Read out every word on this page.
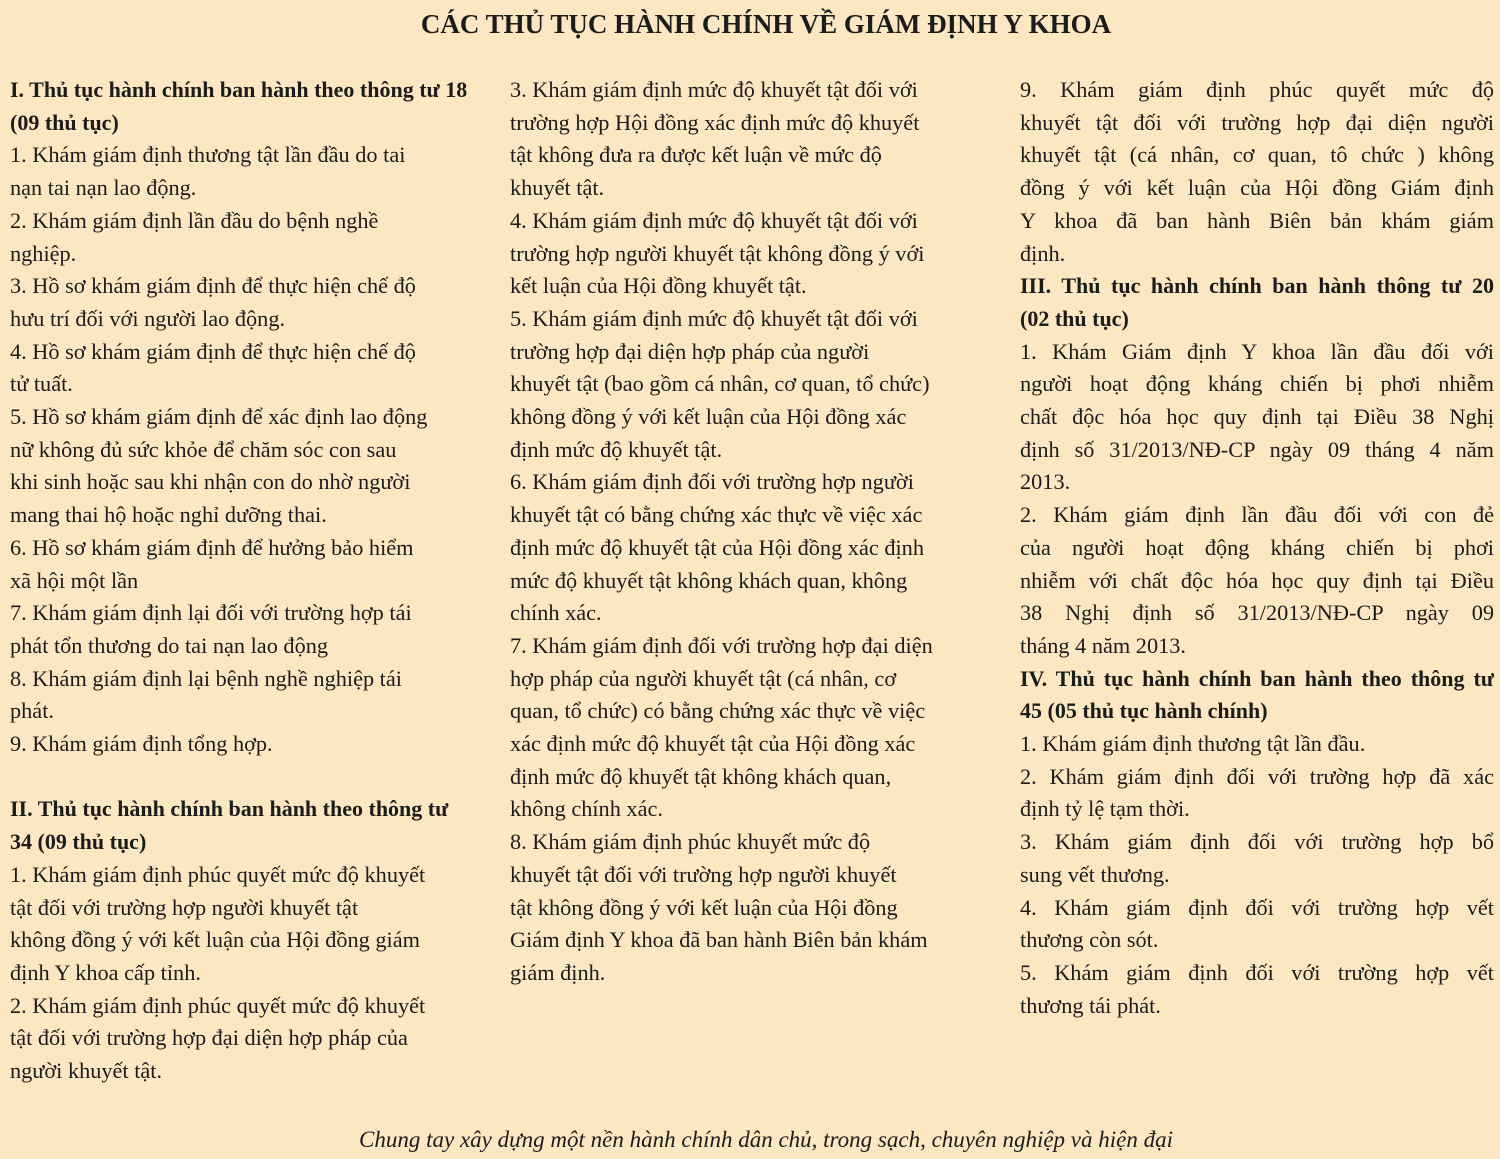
CÁC THỦ TỤC HÀNH CHÍNH VỀ GIÁM ĐỊNH Y KHOA
I. Thủ tục hành chính ban hành theo thông tư 18
(09 thủ tục)
1. Khám giám định thương tật lần đầu do tai
nạn tai nạn lao động.
2. Khám giám định lần đầu do bệnh nghề
nghiệp.
3. Hồ sơ khám giám định để thực hiện chế độ
hưu trí đối với người lao động.
4. Hồ sơ khám giám định để thực hiện chế độ
tử tuất.
5. Hồ sơ khám giám định để xác định lao động
nữ không đủ sức khỏe để chăm sóc con sau
khi sinh hoặc sau khi nhận con do nhờ người
mang thai hộ hoặc nghỉ dưỡng thai.
6. Hồ sơ khám giám định để hưởng bảo hiểm
xã hội một lần
7. Khám giám định lại đối với trường hợp tái
phát tổn thương do tai nạn lao động
8. Khám giám định lại bệnh nghề nghiệp tái
phát.
9. Khám giám định tổng hợp.
II. Thủ tục hành chính ban hành theo thông tư
34 (09 thủ tục)
1. Khám giám định phúc quyết mức độ khuyết
tật đối với trường hợp người khuyết tật
không đồng ý với kết luận của Hội đồng giám
định Y khoa cấp tỉnh.
2. Khám giám định phúc quyết mức độ khuyết
tật đối với trường hợp đại diện hợp pháp của
người khuyết tật.
3. Khám giám định mức độ khuyết tật đối với
trường hợp Hội đồng xác định mức độ khuyết
tật không đưa ra được kết luận về mức độ
khuyết tật.
4. Khám giám định mức độ khuyết tật đối với
trường hợp người khuyết tật không đồng ý với
kết luận của Hội đồng khuyết tật.
5. Khám giám định mức độ khuyết tật đối với
trường hợp đại diện hợp pháp của người
khuyết tật (bao gồm cá nhân, cơ quan, tổ chức)
không đồng ý với kết luận của Hội đồng xác
định mức độ khuyết tật.
6. Khám giám định đối với trường hợp người
khuyết tật có bằng chứng xác thực về việc xác
định mức độ khuyết tật của Hội đồng xác định
mức độ khuyết tật không khách quan, không
chính xác.
7. Khám giám định đối với trường hợp đại diện
hợp pháp của người khuyết tật (cá nhân, cơ
quan, tổ chức) có bằng chứng xác thực về việc
xác định mức độ khuyết tật của Hội đồng xác
định mức độ khuyết tật không khách quan,
không chính xác.
8. Khám giám định phúc khuyết mức độ
khuyết tật đối với trường hợp người khuyết
tật không đồng ý với kết luận của Hội đồng
Giám định Y khoa đã ban hành Biên bản khám
giám định.
9. Khám giám định phúc quyết mức độ
khuyết tật đối với trường hợp đại diện người
khuyết tật (cá nhân, cơ quan, tô chức ) không
đồng ý với kết luận của Hội đồng Giám định
Y khoa đã ban hành Biên bản khám giám
định.
III. Thủ tục hành chính ban hành thông tư 20
(02 thủ tục)
1. Khám Giám định Y khoa lần đầu đối với
người hoạt động kháng chiến bị phơi nhiễm
chất độc hóa học quy định tại Điều 38 Nghị
định số 31/2013/NĐ-CP ngày 09 tháng 4 năm
2013.
2. Khám giám định lần đầu đối với con đẻ
của người hoạt động kháng chiến bị phơi
nhiễm với chất độc hóa học quy định tại Điều
38 Nghị định số 31/2013/NĐ-CP ngày 09
tháng 4 năm 2013.
IV. Thủ tục hành chính ban hành theo thông tư
45 (05 thủ tục hành chính)
1. Khám giám định thương tật lần đầu.
2. Khám giám định đối với trường hợp đã xác
định tỷ lệ tạm thời.
3. Khám giám định đối với trường hợp bổ
sung vết thương.
4. Khám giám định đối với trường hợp vết
thương còn sót.
5. Khám giám định đối với trường hợp vết
thương tái phát.
Chung tay xây dựng một nền hành chính dân chủ, trong sạch, chuyên nghiệp và hiện đại
